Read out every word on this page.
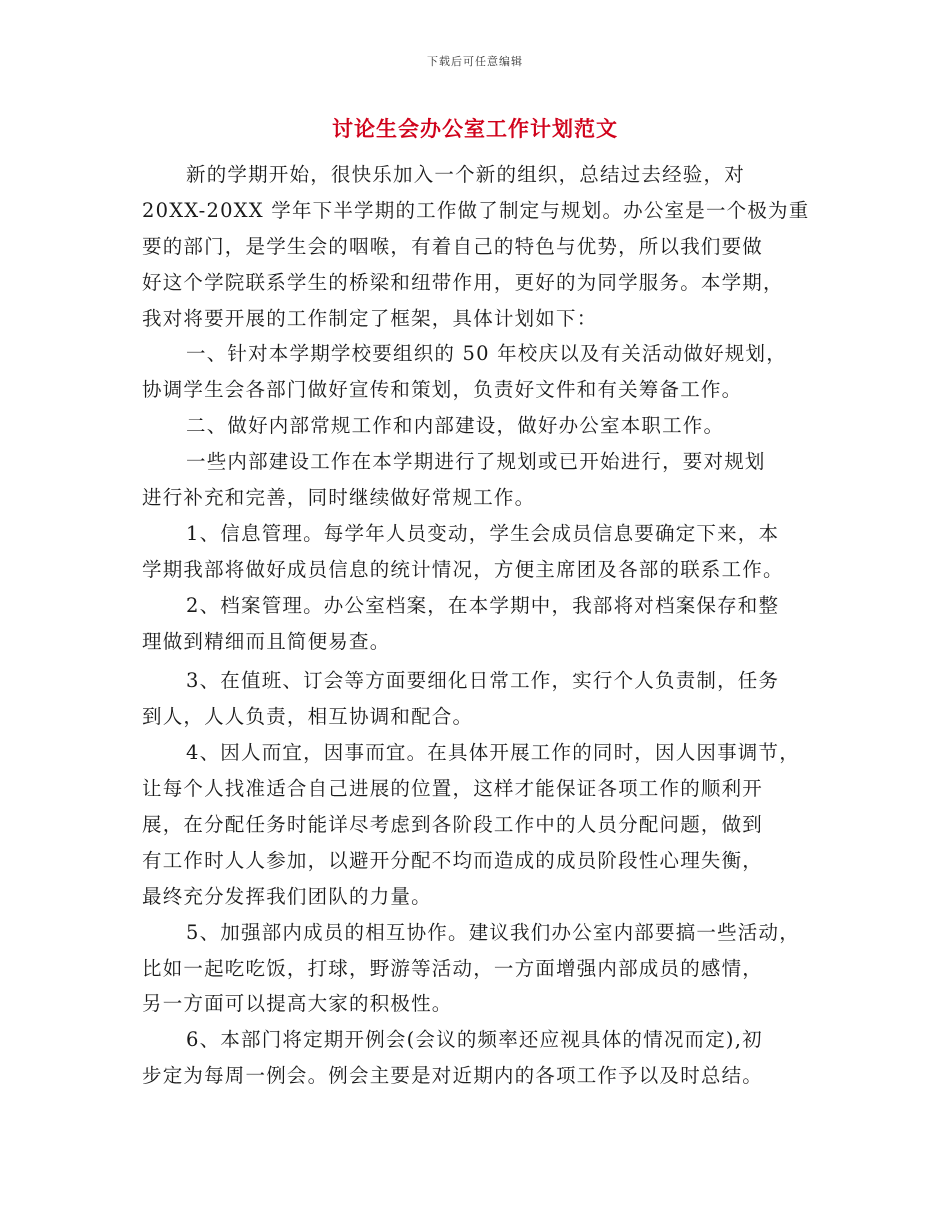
下载后可任意编辑
讨论生会办公室工作计划范文
新的学期开始，很快乐加入一个新的组织，总结过去经验，对
20XX-20XX 学年下半学期的工作做了制定与规划。办公室是一个极为重
要的部门，是学生会的咽喉，有着自己的特色与优势，所以我们要做
好这个学院联系学生的桥梁和纽带作用，更好的为同学服务。本学期，
我对将要开展的工作制定了框架，具体计划如下：
一、针对本学期学校要组织的 50 年校庆以及有关活动做好规划，
协调学生会各部门做好宣传和策划，负责好文件和有关筹备工作。
二、做好内部常规工作和内部建设，做好办公室本职工作。
一些内部建设工作在本学期进行了规划或已开始进行，要对规划
进行补充和完善，同时继续做好常规工作。
1、信息管理。每学年人员变动，学生会成员信息要确定下来，本
学期我部将做好成员信息的统计情况，方便主席团及各部的联系工作。
2、档案管理。办公室档案，在本学期中，我部将对档案保存和整
理做到精细而且简便易查。
3、在值班、订会等方面要细化日常工作，实行个人负责制，任务
到人，人人负责，相互协调和配合。
4、因人而宜，因事而宜。在具体开展工作的同时，因人因事调节，
让每个人找准适合自己进展的位置，这样才能保证各项工作的顺利开
展，在分配任务时能详尽考虑到各阶段工作中的人员分配问题，做到
有工作时人人参加，以避开分配不均而造成的成员阶段性心理失衡，
最终充分发挥我们团队的力量。
5、加强部内成员的相互协作。建议我们办公室内部要搞一些活动，
比如一起吃吃饭，打球，野游等活动，一方面增强内部成员的感情，
另一方面可以提高大家的积极性。
6、本部门将定期开例会(会议的频率还应视具体的情况而定),初
步定为每周一例会。例会主要是对近期内的各项工作予以及时总结。
